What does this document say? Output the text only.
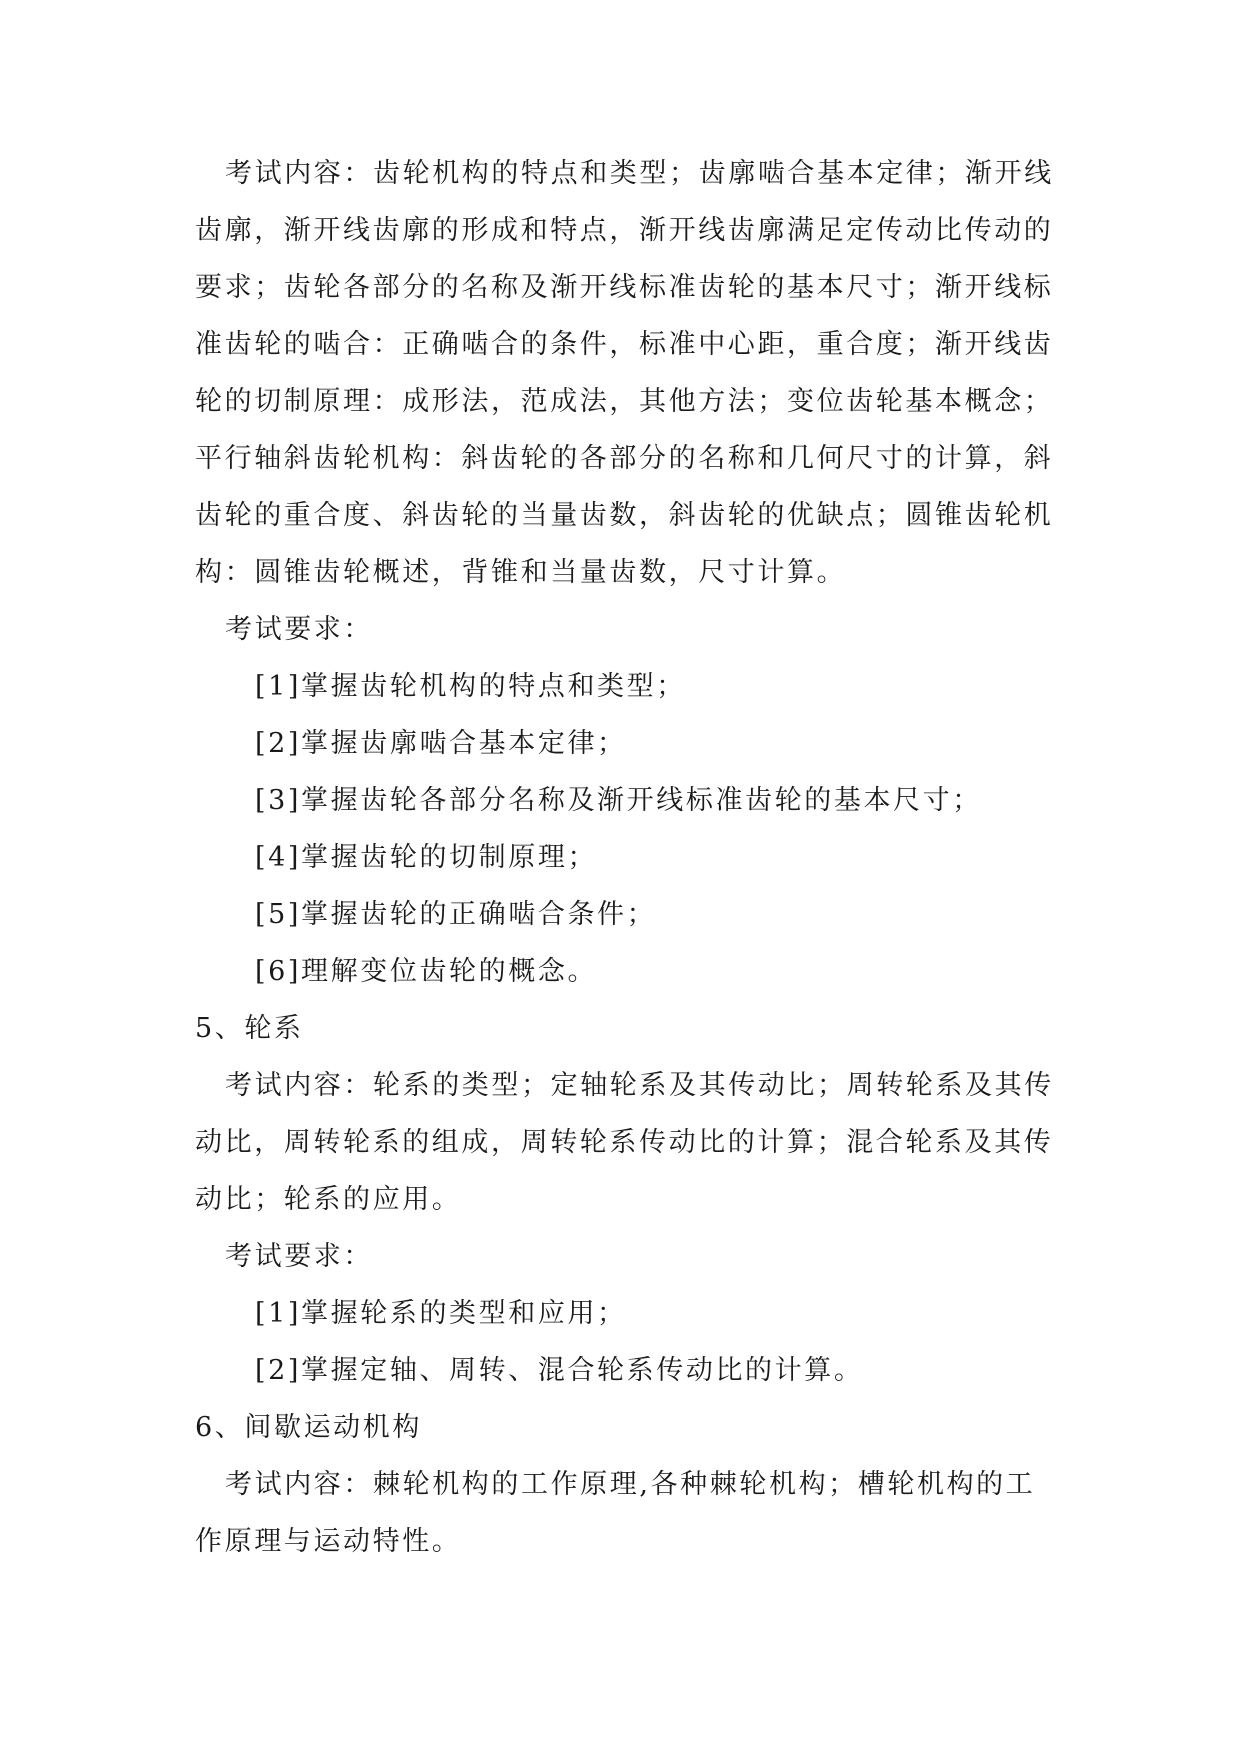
考试内容：齿轮机构的特点和类型；齿廓啮合基本定律；渐开线
齿廓，渐开线齿廓的形成和特点，渐开线齿廓满足定传动比传动的
要求；齿轮各部分的名称及渐开线标准齿轮的基本尺寸；渐开线标
准齿轮的啮合：正确啮合的条件，标准中心距，重合度；渐开线齿
轮的切制原理：成形法，范成法，其他方法；变位齿轮基本概念；
平行轴斜齿轮机构：斜齿轮的各部分的名称和几何尺寸的计算，斜
齿轮的重合度、斜齿轮的当量齿数，斜齿轮的优缺点；圆锥齿轮机
构：圆锥齿轮概述，背锥和当量齿数，尺寸计算。
考试要求：
[1]掌握齿轮机构的特点和类型；
[2]掌握齿廓啮合基本定律；
[3]掌握齿轮各部分名称及渐开线标准齿轮的基本尺寸；
[4]掌握齿轮的切制原理；
[5]掌握齿轮的正确啮合条件；
[6]理解变位齿轮的概念。
5、轮系
考试内容：轮系的类型；定轴轮系及其传动比；周转轮系及其传
动比，周转轮系的组成，周转轮系传动比的计算；混合轮系及其传
动比；轮系的应用。
考试要求：
[1]掌握轮系的类型和应用；
[2]掌握定轴、周转、混合轮系传动比的计算。
6、间歇运动机构
考试内容：棘轮机构的工作原理,各种棘轮机构；槽轮机构的工
作原理与运动特性。
